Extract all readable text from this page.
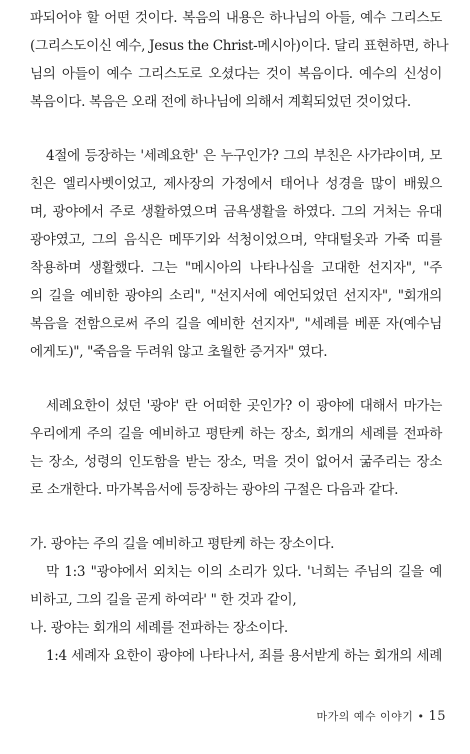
파되어야 할 어떤 것이다. 복음의 내용은 하나님의 아들, 예수 그리스도
(그리스도이신 예수, Jesus the Christ-메시아)이다. 달리 표현하면, 하나
님의 아들이 예수 그리스도로 오셨다는 것이 복음이다. 예수의 신성이
복음이다. 복음은 오래 전에 하나님에 의해서 계획되었던 것이었다.
4절에 등장하는 '세례요한' 은 누구인가? 그의 부친은 사가랴이며, 모
친은 엘리사벳이었고, 제사장의 가정에서 태어나 성경을 많이 배웠으
며, 광야에서 주로 생활하였으며 금욕생활을 하였다. 그의 거처는 유대
광야였고, 그의 음식은 메뚜기와 석청이었으며, 약대털옷과 가죽 띠를
착용하며 생활했다. 그는 "메시아의 나타나심을 고대한 선지자", "주
의 길을 예비한 광야의 소리", "선지서에 예언되었던 선지자", "회개의
복음을 전함으로써 주의 길을 예비한 선지자", "세례를 베푼 자(예수님
에게도)", "죽음을 두려워 않고 초월한 증거자" 였다.
세례요한이 섰던 '광야' 란 어떠한 곳인가? 이 광야에 대해서 마가는
우리에게 주의 길을 예비하고 평탄케 하는 장소, 회개의 세례를 전파하
는 장소, 성령의 인도함을 받는 장소, 먹을 것이 없어서 굶주리는 장소
로 소개한다. 마가복음서에 등장하는 광야의 구절은 다음과 같다.
가. 광야는 주의 길을 예비하고 평탄케 하는 장소이다.
막 1:3 "광야에서 외치는 이의 소리가 있다. '너희는 주님의 길을 예
비하고, 그의 길을 곧게 하여라' " 한 것과 같이,
나. 광야는 회개의 세례를 전파하는 장소이다.
1:4 세례자 요한이 광야에 나타나서, 죄를 용서받게 하는 회개의 세례
마가의 예수 이야기 • 15
